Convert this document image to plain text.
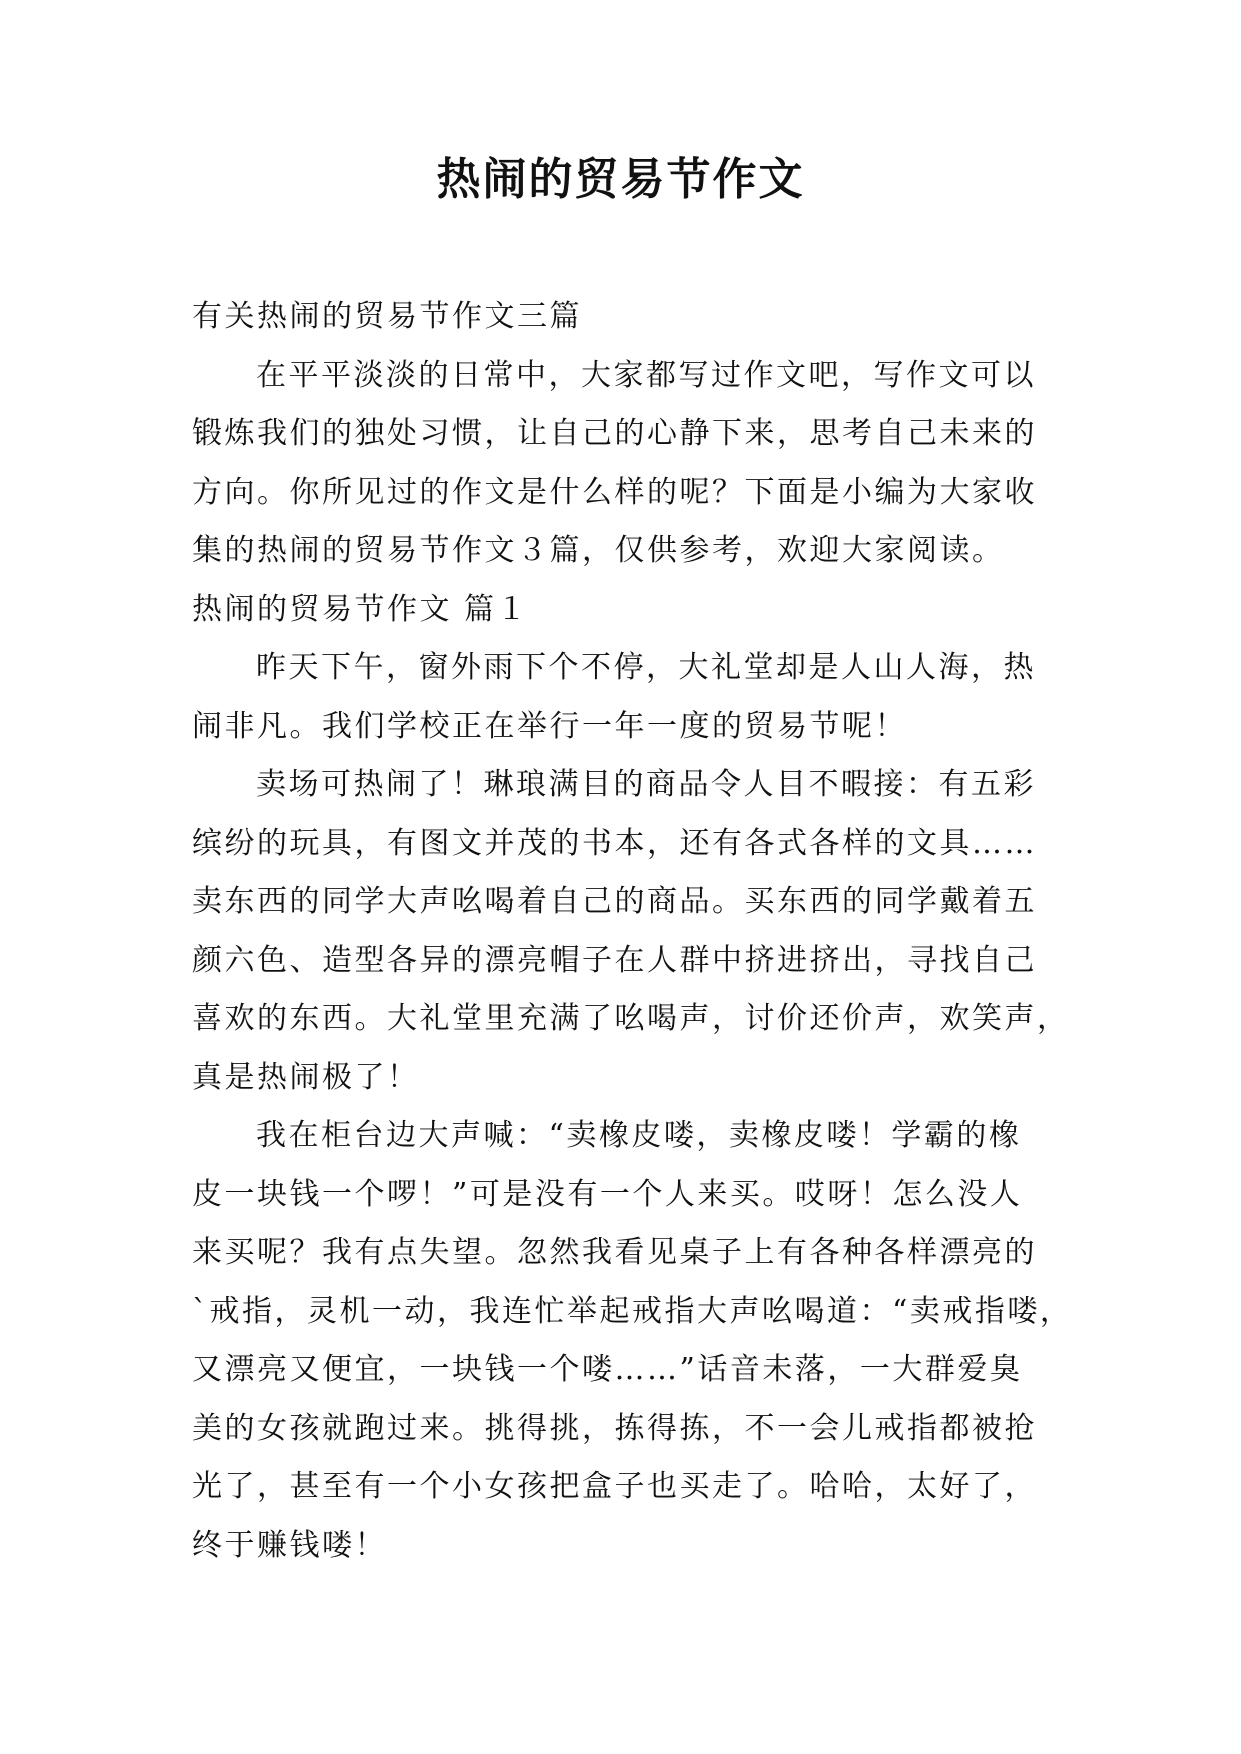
热闹的贸易节作文

有关热闹的贸易节作文三篇

在平平淡淡的日常中，大家都写过作文吧，写作文可以

锻炼我们的独处习惯，让自己的心静下来，思考自己未来的

方向。你所见过的作文是什么样的呢？下面是小编为大家收

集的热闹的贸易节作文３篇，仅供参考，欢迎大家阅读。

热闹的贸易节作文 篇１

昨天下午，窗外雨下个不停，大礼堂却是人山人海，热

闹非凡。我们学校正在举行一年一度的贸易节呢！

卖场可热闹了！琳琅满目的商品令人目不暇接：有五彩

缤纷的玩具，有图文并茂的书本，还有各式各样的文具……

卖东西的同学大声吆喝着自己的商品。买东西的同学戴着五

颜六色、造型各异的漂亮帽子在人群中挤进挤出，寻找自己

喜欢的东西。大礼堂里充满了吆喝声，讨价还价声，欢笑声，

真是热闹极了！

我在柜台边大声喊：“卖橡皮喽，卖橡皮喽！学霸的橡

皮一块钱一个啰！”可是没有一个人来买。哎呀！怎么没人

来买呢？我有点失望。忽然我看见桌子上有各种各样漂亮的

`戒指，灵机一动，我连忙举起戒指大声吆喝道：“卖戒指喽，

又漂亮又便宜，一块钱一个喽……”话音未落，一大群爱臭

美的女孩就跑过来。挑得挑，拣得拣，不一会儿戒指都被抢

光了，甚至有一个小女孩把盒子也买走了。哈哈，太好了，

终于赚钱喽！
